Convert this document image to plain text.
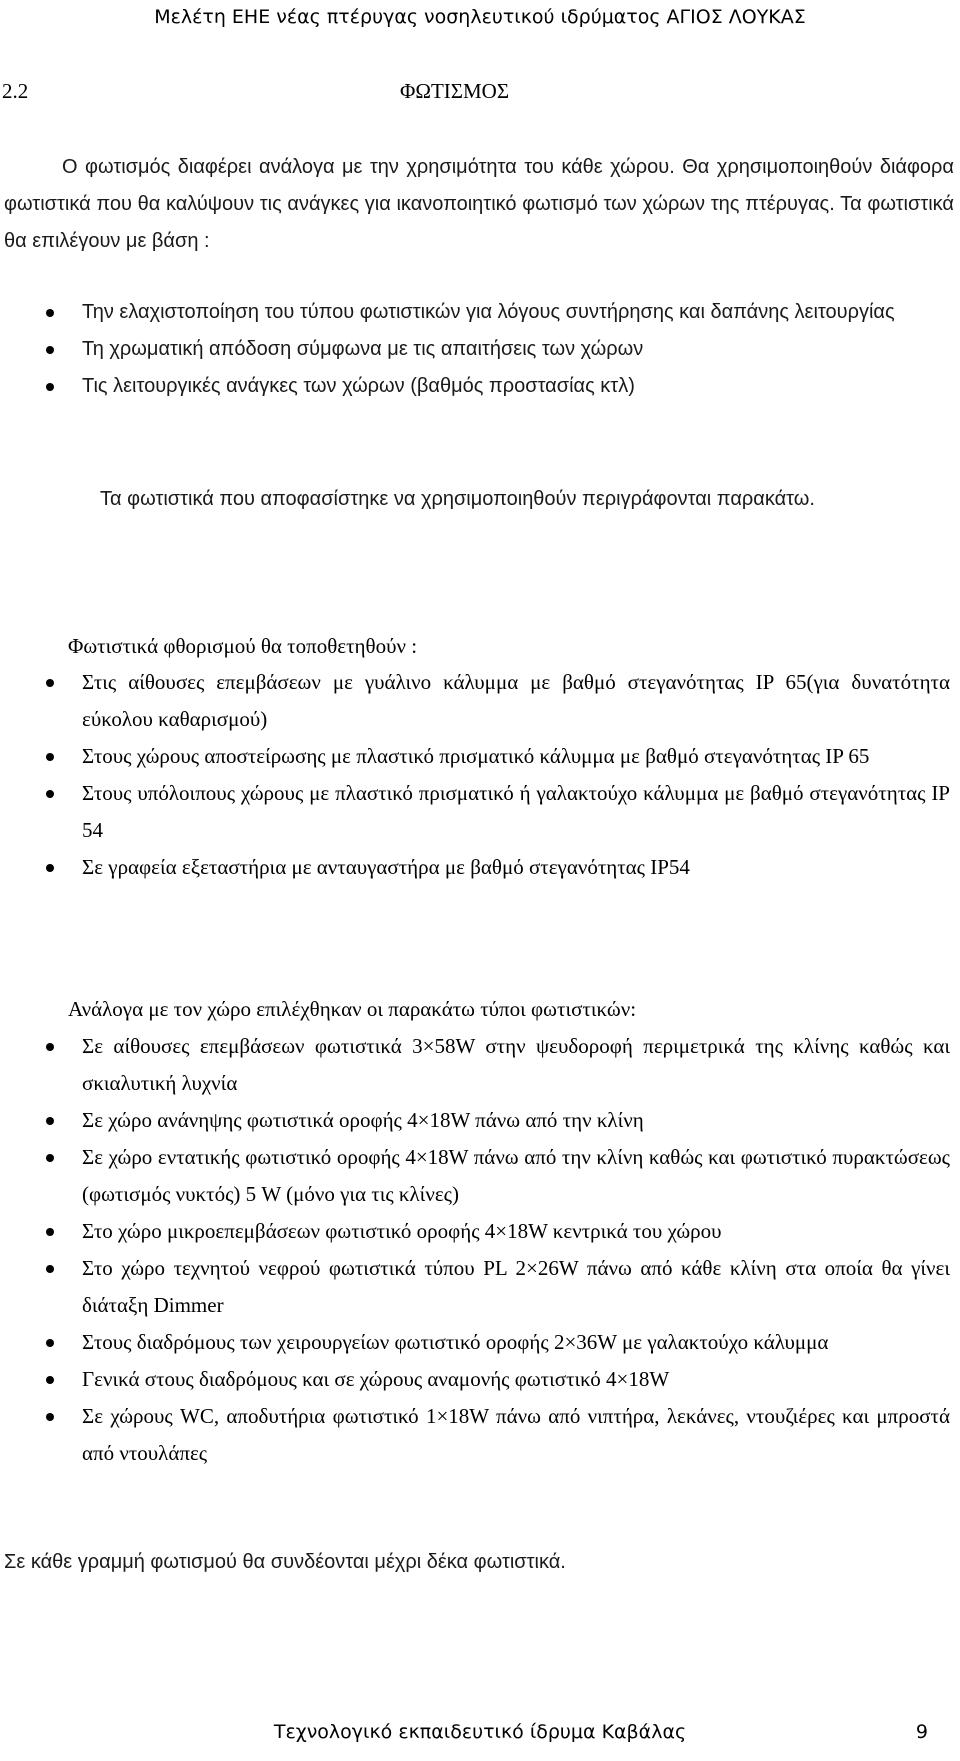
Μελέτη ΕΗΕ νέας πτέρυγας νοσηλευτικού ιδρύματος ΑΓΙΟΣ ΛΟΥΚΑΣ
2.2	ΦΩΤΙΣΜΟΣ

Ο φωτισμός διαφέρει ανάλογα με την χρησιμότητα του κάθε χώρου. Θα χρησιμοποιηθούν διάφορα φωτιστικά που θα καλύψουν τις ανάγκες για ικανοποιητικό φωτισμό των χώρων της πτέρυγας. Τα φωτιστικά θα επιλέγουν με βάση :

Την ελαχιστοποίηση του τύπου φωτιστικών για λόγους συντήρησης και δαπάνης λειτουργίας
Τη χρωματική απόδοση σύμφωνα με τις απαιτήσεις των χώρων
Τις λειτουργικές ανάγκες των χώρων (βαθμός προστασίας κτλ)

Τα φωτιστικά που αποφασίστηκε να χρησιμοποιηθούν περιγράφονται παρακάτω.

Φωτιστικά φθορισμού θα τοποθετηθούν :
Στις αίθουσες επεμβάσεων με γυάλινο κάλυμμα με βαθμό στεγανότητας IP 65(για δυνατότητα εύκολου καθαρισμού)
Στους χώρους αποστείρωσης με πλαστικό πρισματικό κάλυμμα με βαθμό στεγανότητας IP 65
Στους υπόλοιπους χώρους με πλαστικό πρισματικό ή γαλακτούχο κάλυμμα με βαθμό στεγανότητας IP 54
Σε γραφεία εξεταστήρια με ανταυγαστήρα με βαθμό στεγανότητας IP54
Ανάλογα με τον χώρο επιλέχθηκαν οι παρακάτω τύποι φωτιστικών:
Σε αίθουσες επεμβάσεων φωτιστικά 3×58W στην ψευδοροφή περιμετρικά της κλίνης καθώς και σκιαλυτική λυχνία
Σε χώρο ανάνηψης φωτιστικά οροφής 4×18W πάνω από την κλίνη
Σε χώρο εντατικής φωτιστικό οροφής 4×18W πάνω από την κλίνη καθώς και φωτιστικό πυρακτώσεως (φωτισμός νυκτός) 5 W (μόνο για τις κλίνες)
Στο χώρο μικροεπεμβάσεων φωτιστικό οροφής 4×18W κεντρικά του χώρου
Στο χώρο τεχνητού νεφρού φωτιστικά τύπου PL 2×26W πάνω από κάθε κλίνη στα οποία θα γίνει διάταξη Dimmer
Στους διαδρόμους των χειρουργείων φωτιστικό οροφής 2×36W με γαλακτούχο κάλυμμα
Γενικά στους διαδρόμους και σε χώρους αναμονής φωτιστικό 4×18W
Σε χώρους WC, αποδυτήρια φωτιστικό 1×18W πάνω από νιπτήρα, λεκάνες, ντουζιέρες και μπροστά από ντουλάπες
Σε κάθε γραμμή φωτισμού θα συνδέονται μέχρι δέκα φωτιστικά.
Τεχνολογικό εκπαιδευτικό ίδρυμα Καβάλας	9
